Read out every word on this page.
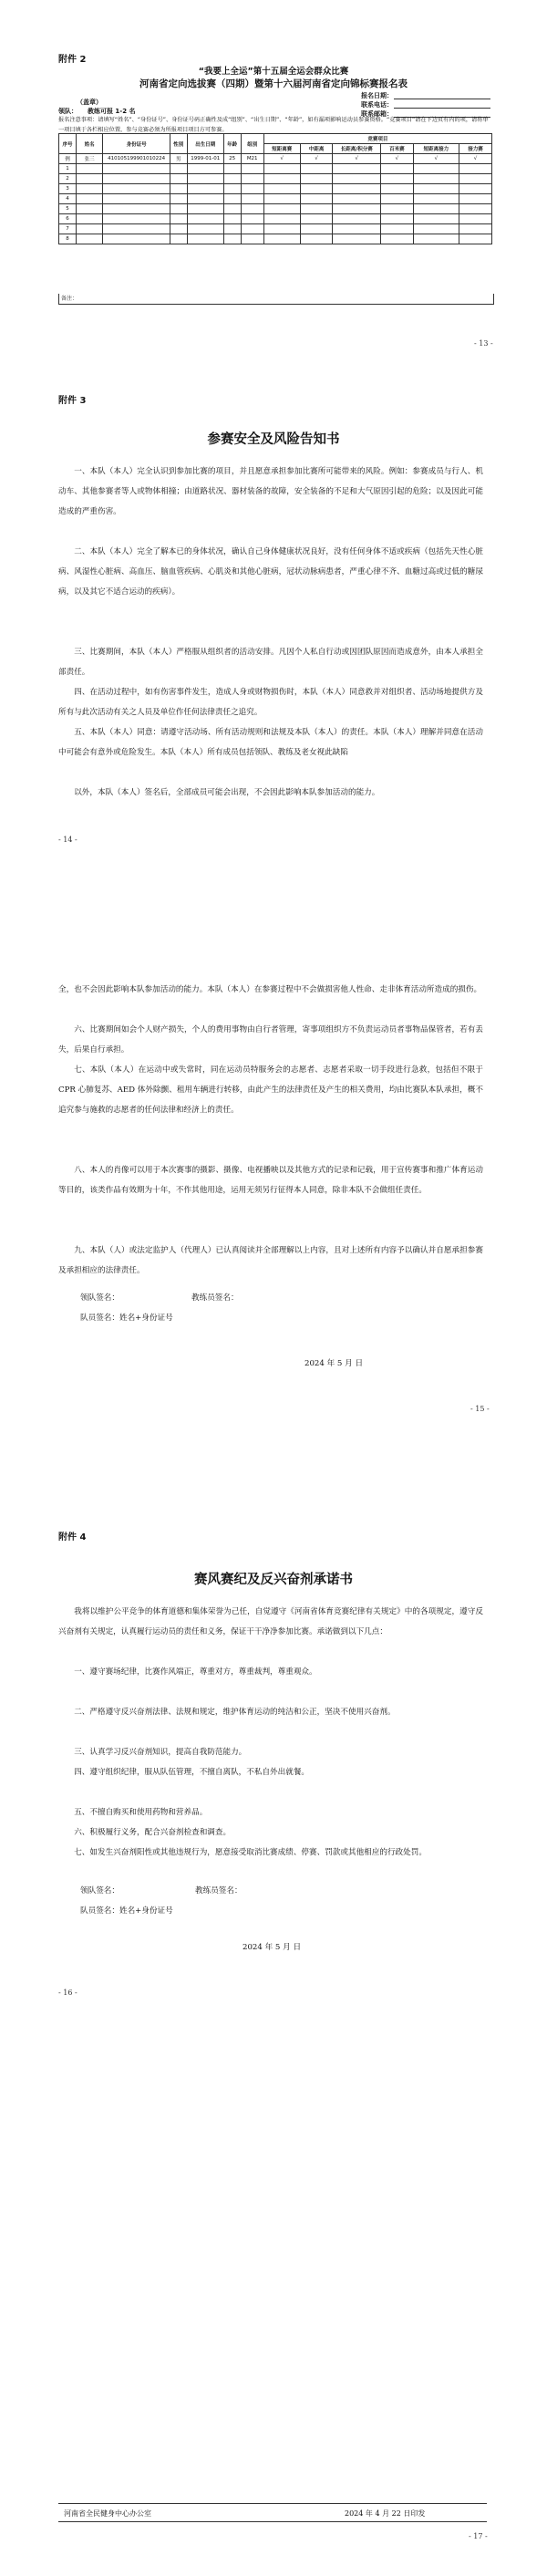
附件 2
“我要上全运”第十五届全运会群众比赛
河南省定向选拔赛（四期）暨第十六届河南省定向锦标赛报名表
（盖章）
领队： 教练可报 1-2 名
报名日期：
联系电话：
联系邮箱：
报名注意事项：请填写“姓名”、“身份证号”、身份证号码正确性及成“组别”、“出生日期”、“年龄”，如有漏项影响运动员参赛资格。“竞赛项目”请在下边页有内的项，请将单一项目填于各栏相应位置，参与竞赛必须为所报项目项目方可参赛。
序号	姓名	身份证号	性别	出生日期	年龄	组别	竞赛项目					
							短距离赛	中距离	长距离/积分赛	百米赛	短距离接力	接力赛
例	张三	410105199901010224	男	1999-01-01	25	M21	√	√	√	√	√	√
1												
2												
3												
4												
5												
6												
7												
8												
备注：
- 13 -
附件 3
参赛安全及风险告知书
一、本队（本人）完全认识到参加比赛的项目，并且愿意承担参加比赛所可能带来的风险。例如：参赛成员与行人、机动车、其他参赛者等人或物体相撞；由道路状况、器材装备的故障，安全装备的不足和大气原因引起的危险；以及因此可能造成的严重伤害。
二、本队（本人）完全了解本已的身体状况，确认自己身体健康状况良好，没有任何身体不适或疾病（包括先天性心脏病、风湿性心脏病、高血压、脑血管疾病、心肌炎和其他心脏病，冠状动脉病患者，严重心律不齐、血糖过高或过低的糖尿病，以及其它不适合运动的疾病）。
三、比赛期间，本队（本人）严格服从组织者的活动安排。凡因个人私自行动或因团队原因而造成意外，由本人承担全部责任。
四、在活动过程中，如有伤害事件发生，造成人身或财物损伤时，本队（本人）同意救并对组织者、活动场地提供方及所有与此次活动有关之人员及单位作任何法律责任之追究。
五、本队（本人）同意：请遵守活动场、所有活动规则和法规及本队（本人）的责任。本队（本人）理解并同意在活动中可能会有意外或危险发生。本队（本人）所有成员包括领队、教练及老女视此缺陷
以外，本队（本人）签名后，全部成员可能会出现，不会因此影响本队参加活动的能力。
- 14 -
全，也不会因此影响本队参加活动的能力。本队（本人）在参赛过程中不会做损害他人性命、走非体育活动所造成的损伤。
六、比赛期间如会个人财产损失，个人的费用事物由自行者管理，寄事项组织方不负责运动员者事物品保管者，若有丢失，后果自行承担。
七、本队（本人）在运动中或失常时，同在运动员特服务会的志愿者、志愿者采取一切手段进行急救，包括但不限于 CPR 心肺复苏、AED 体外除颤、租用车辆进行转移，由此产生的法律责任及产生的相关费用，均由比赛队本队承担，概不追究参与施救的志愿者的任何法律和经济上的责任。
八、本人的肖像可以用于本次赛事的摄影、摄像、电视播映以及其他方式的记录和记载，用于宣传赛事和推广体育运动等目的，该类作品有效期为十年，不作其他用途，运用无须另行征得本人同意，除非本队不会做组任责任。
九、本队（人）或法定监护人（代理人）已认真阅读并全部理解以上内容，且对上述所有内容予以确认并自愿承担参赛及承担相应的法律责任。
领队签名：	教练员签名：
队员签名：姓名+身份证号
2024 年 5 月 日
- 15 -
附件 4
赛风赛纪及反兴奋剂承诺书
我将以维护公平竞争的体育道德和集体荣誉为己任，自觉遵守《河南省体育竞赛纪律有关规定》中的各项规定，遵守反兴奋剂有关规定，认真履行运动员的责任和义务，保证干干净净参加比赛。承诺做到以下几点：
一、遵守赛场纪律，比赛作风端正，尊重对方，尊重裁判，尊重观众。
二、严格遵守反兴奋剂法律、法规和规定，维护体育运动的纯洁和公正，坚决不使用兴奋剂。
三、认真学习反兴奋剂知识，提高自我防范能力。
四、遵守组织纪律，服从队伍管理，不擅自离队，不私自外出就餐。
五、不擅自购买和使用药物和营养品。
六、积极履行义务，配合兴奋剂检查和调查。
七、如发生兴奋剂阳性或其他违规行为，愿意接受取消比赛成绩、停赛、罚款或其他相应的行政处罚。
领队签名：	教练员签名：
队员签名：姓名+身份证号
2024 年 5 月 日
- 16 -
河南省全民健身中心办公室	2024 年 4 月 22 日印发
- 17 -
